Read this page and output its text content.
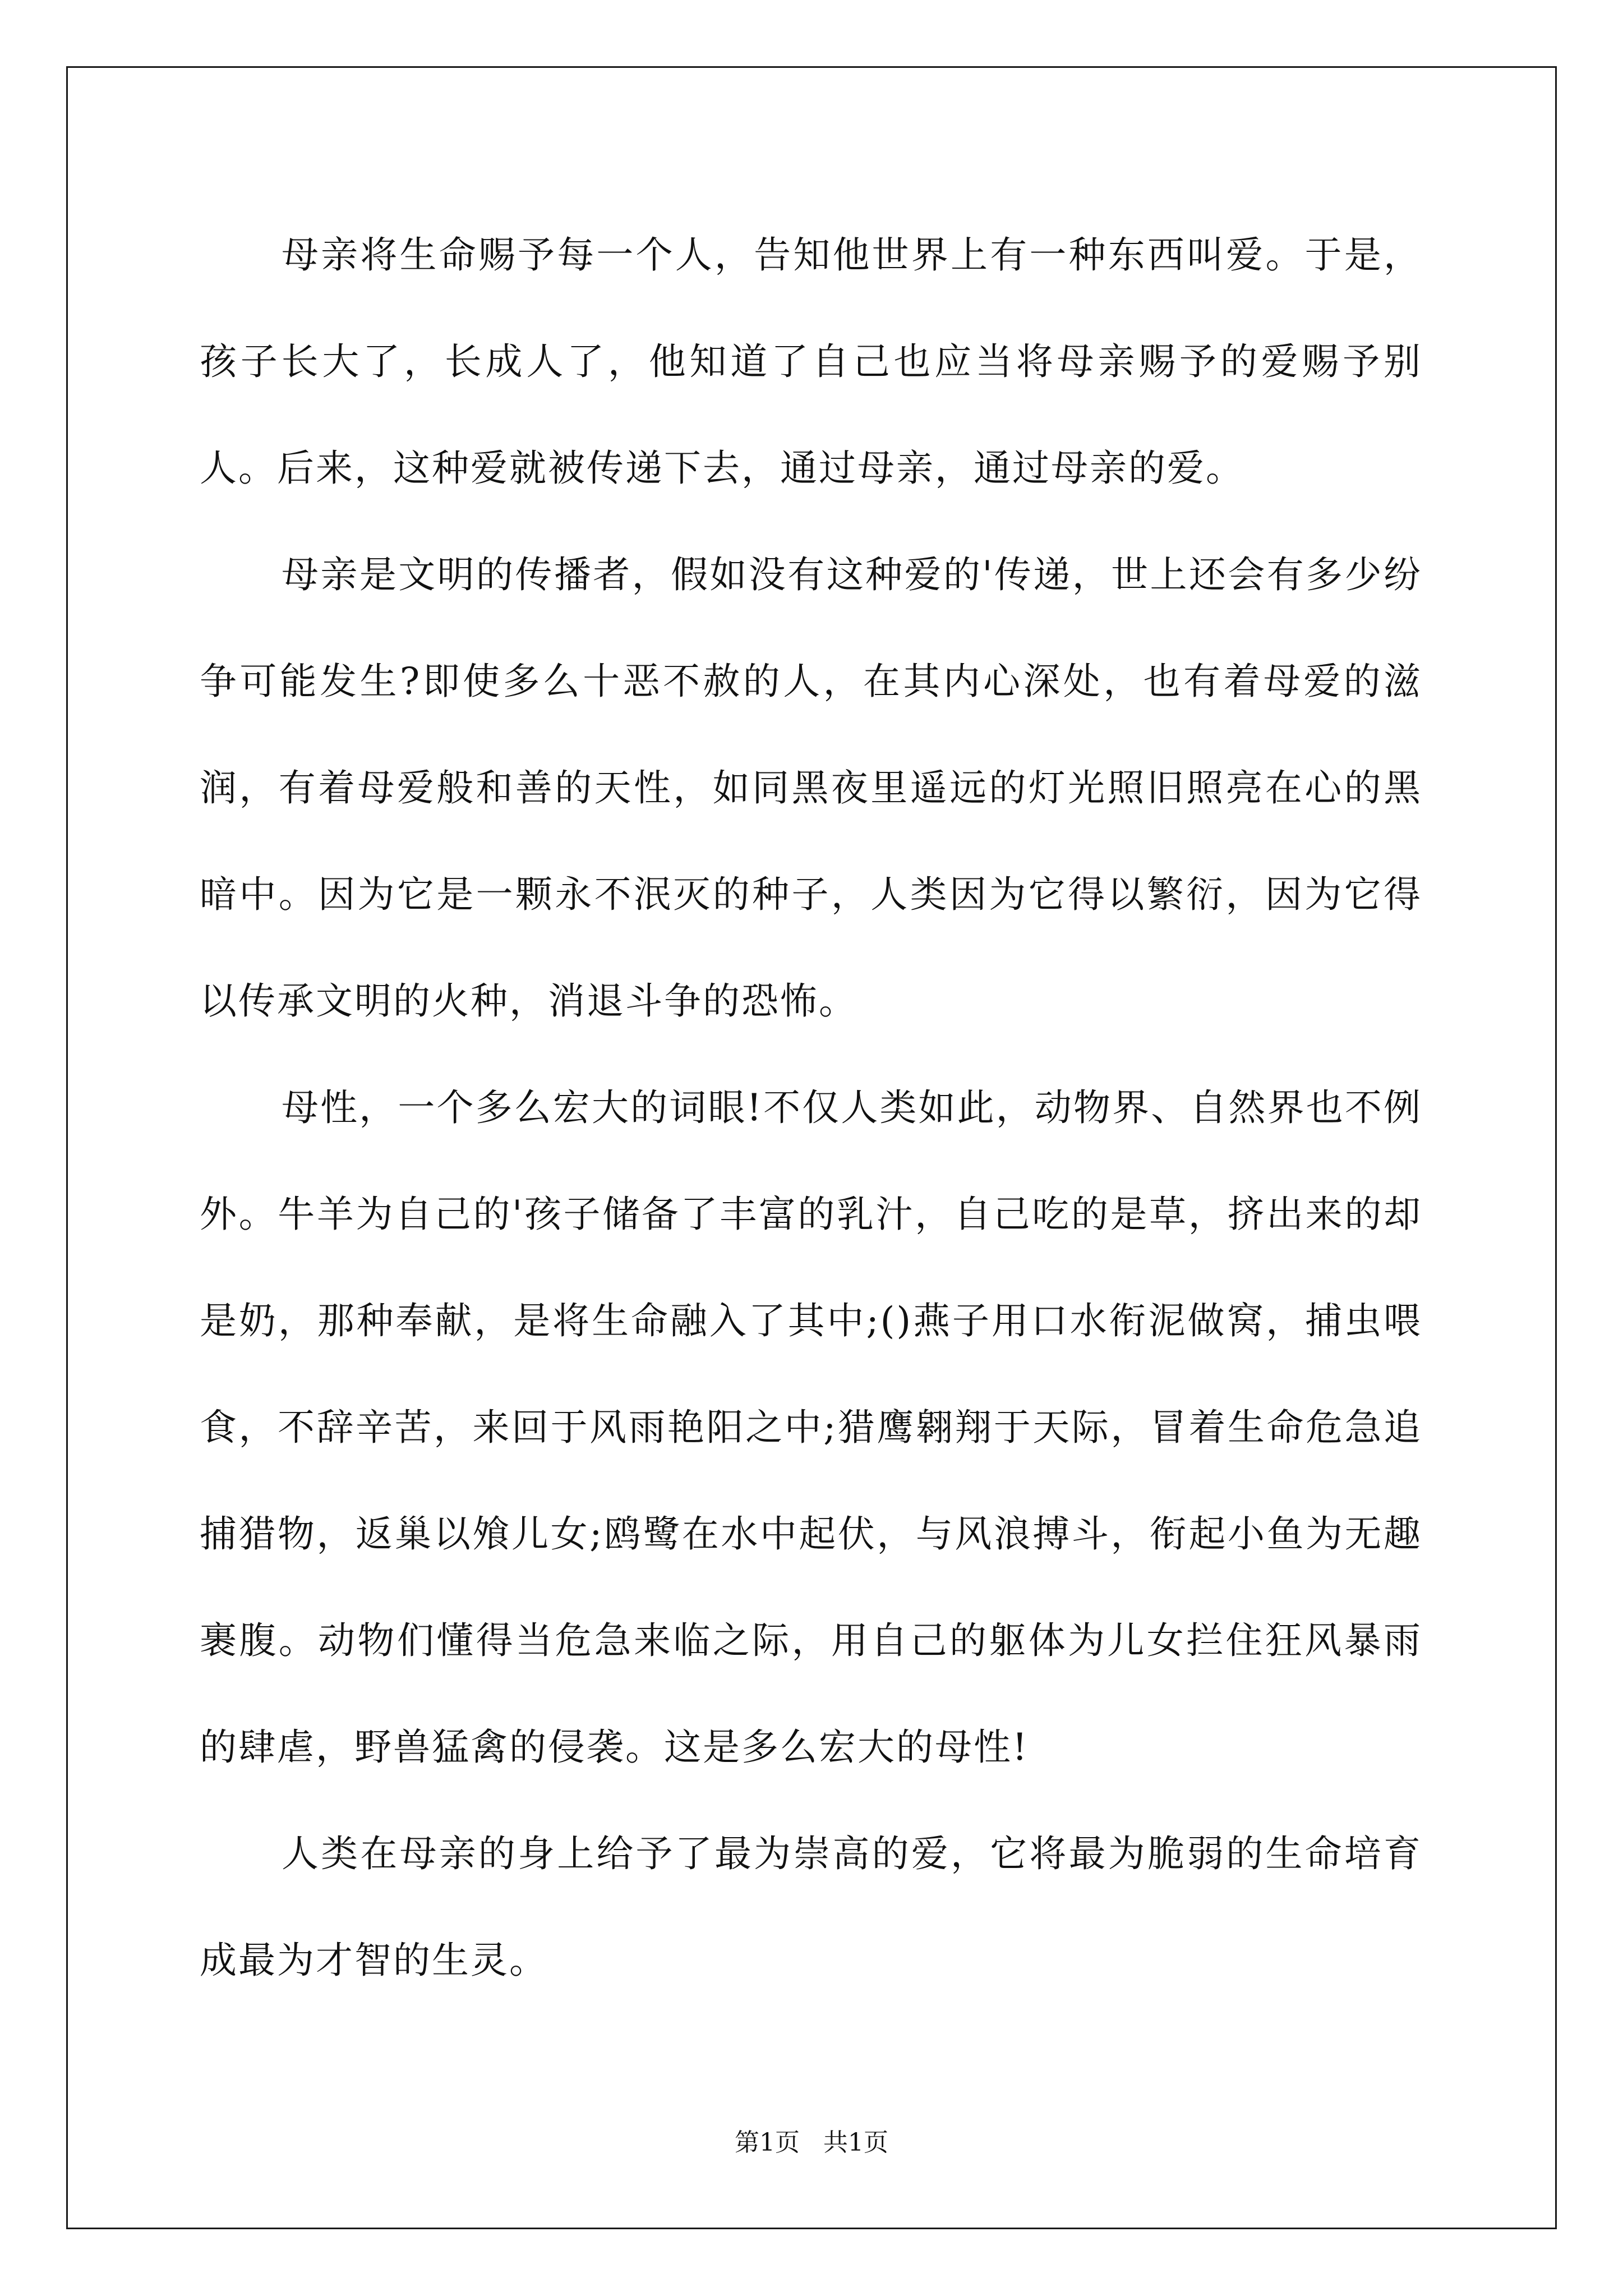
母亲将生命赐予每一个人，告知他世界上有一种东西叫爱。于是，孩子长大了，长成人了，他知道了自己也应当将母亲赐予的爱赐予别人。后来，这种爱就被传递下去，通过母亲，通过母亲的爱。

母亲是文明的传播者，假如没有这种爱的'传递，世上还会有多少纷争可能发生?即使多么十恶不赦的人，在其内心深处，也有着母爱的滋润，有着母爱般和善的天性，如同黑夜里遥远的灯光照旧照亮在心的黑暗中。因为它是一颗永不泯灭的种子，人类因为它得以繁衍，因为它得以传承文明的火种，消退斗争的恐怖。

母性，一个多么宏大的词眼!不仅人类如此，动物界、自然界也不例外。牛羊为自己的'孩子储备了丰富的乳汁，自己吃的是草，挤出来的却是奶，那种奉献，是将生命融入了其中;()燕子用口水衔泥做窝，捕虫喂食，不辞辛苦，来回于风雨艳阳之中;猎鹰翱翔于天际，冒着生命危急追捕猎物，返巢以飧儿女;鸥鹭在水中起伏，与风浪搏斗，衔起小鱼为无趣裹腹。动物们懂得当危急来临之际，用自己的躯体为儿女拦住狂风暴雨的肆虐，野兽猛禽的侵袭。这是多么宏大的母性!

人类在母亲的身上给予了最为崇高的爱，它将最为脆弱的生命培育成最为才智的生灵。

第1页   共1页
